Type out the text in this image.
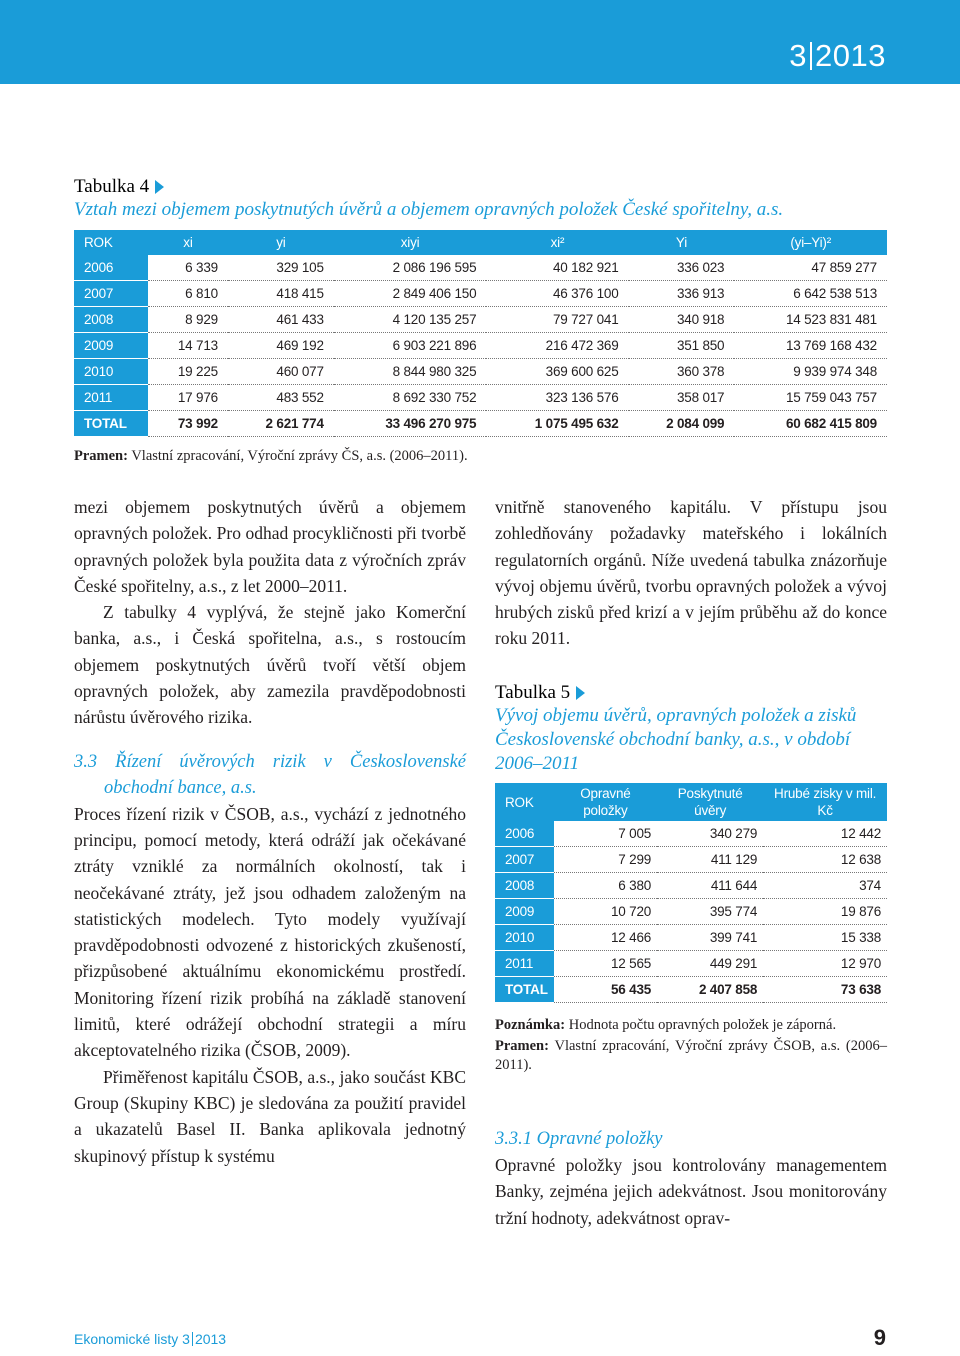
3 2013
Tabulka 4
Vztah mezi objemem poskytnutých úvěrů a objemem opravných položek České spořitelny, a.s.
ROK	xi	yi	xiyi	xi²	Yi	(yi–Yi)²
2006	6 339	329 105	2 086 196 595	40 182 921	336 023	47 859 277
2007	6 810	418 415	2 849 406 150	46 376 100	336 913	6 642 538 513
2008	8 929	461 433	4 120 135 257	79 727 041	340 918	14 523 831 481
2009	14 713	469 192	6 903 221 896	216 472 369	351 850	13 769 168 432
2010	19 225	460 077	8 844 980 325	369 600 625	360 378	9 939 974 348
2011	17 976	483 552	8 692 330 752	323 136 576	358 017	15 759 043 757
TOTAL	73 992	2 621 774	33 496 270 975	1 075 495 632	2 084 099	60 682 415 809
Pramen: Vlastní zpracování, Výroční zprávy ČS, a.s. (2006–2011).

mezi objemem poskytnutých úvěrů a objemem opravných položek. Pro odhad procykličnosti při tvorbě opravných položek byla použita data z výročních zpráv České spořitelny, a.s., z let 2000–2011.

Z tabulky 4 vyplývá, že stejně jako Komerční banka, a.s., i Česká spořitelna, a.s., s rostoucím objemem poskytnutých úvěrů tvoří větší objem opravných položek, aby zamezila pravděpodobnosti nárůstu úvěrového rizika.

3.3 Řízení úvěrových rizik v Československé obchodní bance, a.s.

Proces řízení rizik v ČSOB, a.s., vychází z jednotného principu, pomocí metody, která odráží jak očekávané ztráty vzniklé za normálních okolností, tak i neočekávané ztráty, jež jsou odhadem založeným na statistických modelech. Tyto modely využívají pravděpodobnosti odvozené z historických zkušeností, přizpůsobené aktuálnímu ekonomickému prostředí. Monitoring řízení rizik probíhá na základě stanovení limitů, které odrážejí obchodní strategii a míru akceptovatelného rizika (ČSOB, 2009).

Přiměřenost kapitálu ČSOB, a.s., jako součást KBC Group (Skupiny KBC) je sledována za použití pravidel a ukazatelů Basel II. Banka aplikovala jednotný skupinový přístup k systému

vnitřně stanoveného kapitálu. V přístupu jsou zohledňovány požadavky mateřského i lokálních regulatorních orgánů. Níže uvedená tabulka znázorňuje vývoj objemu úvěrů, tvorbu opravných položek a vývoj hrubých zisků před krizí a v jejím průběhu až do konce roku 2011.

Tabulka 5
Vývoj objemu úvěrů, opravných položek a zisků Československé obchodní banky, a.s., v období 2006–2011
ROK	Opravné položky	Poskytnuté úvěry	Hrubé zisky v mil. Kč
2006	7 005	340 279	12 442
2007	7 299	411 129	12 638
2008	6 380	411 644	374
2009	10 720	395 774	19 876
2010	12 466	399 741	15 338
2011	12 565	449 291	12 970
TOTAL	56 435	2 407 858	73 638
Poznámka: Hodnota počtu opravných položek je záporná.
Pramen: Vlastní zpracování, Výroční zprávy ČSOB, a.s. (2006–2011).
3.3.1 Opravné položky

Opravné položky jsou kontrolovány managementem Banky, zejména jejich adekvátnost. Jsou monitorovány tržní hodnoty, adekvátnost oprav-

Ekonomické listy 3 2013	9
